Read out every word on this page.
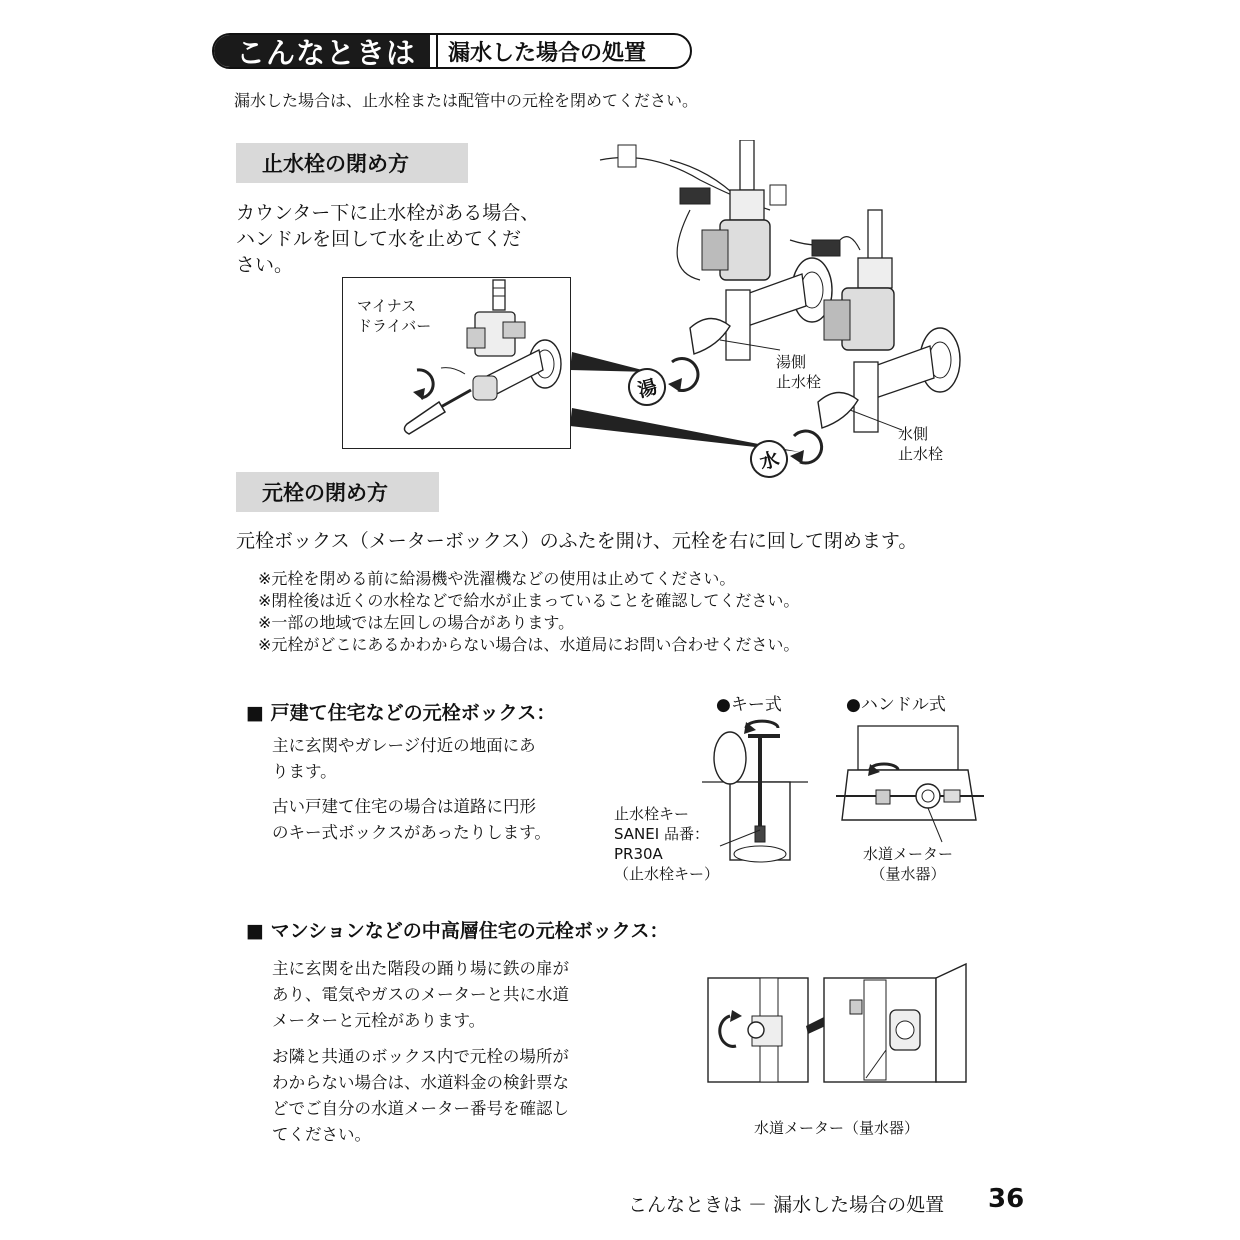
こんなときは	漏水した場合の処置
漏水した場合は、止水栓または配管中の元栓を閉めてください。
止水栓の閉め方
カウンター下に止水栓がある場合、
ハンドルを回して水を止めてくだ
さい。
マイナス
ドライバー
湯
水
湯側
止水栓
水側
止水栓
元栓の閉め方
元栓ボックス（メーターボックス）のふたを開け、元栓を右に回して閉めます。
※元栓を閉める前に給湯機や洗濯機などの使用は止めてください。
※閉栓後は近くの水栓などで給水が止まっていることを確認してください。
※一部の地域では左回しの場合があります。
※元栓がどこにあるかわからない場合は、水道局にお問い合わせください。
■ 戸建て住宅などの元栓ボックス：
主に玄関やガレージ付近の地面にあ
ります。
古い戸建て住宅の場合は道路に円形
のキー式ボックスがあったりします。
●キー式	●ハンドル式
止水栓キー
SANEI 品番：
PR30A
（止水栓キー）
水道メーター
（量水器）
■ マンションなどの中高層住宅の元栓ボックス：
主に玄関を出た階段の踊り場に鉄の扉が
あり、電気やガスのメーターと共に水道
メーターと元栓があります。
お隣と共通のボックス内で元栓の場所が
わからない場合は、水道料金の検針票な
どでご自分の水道メーター番号を確認し
てください。	水道メーター（量水器）
こんなときは － 漏水した場合の処置 36
